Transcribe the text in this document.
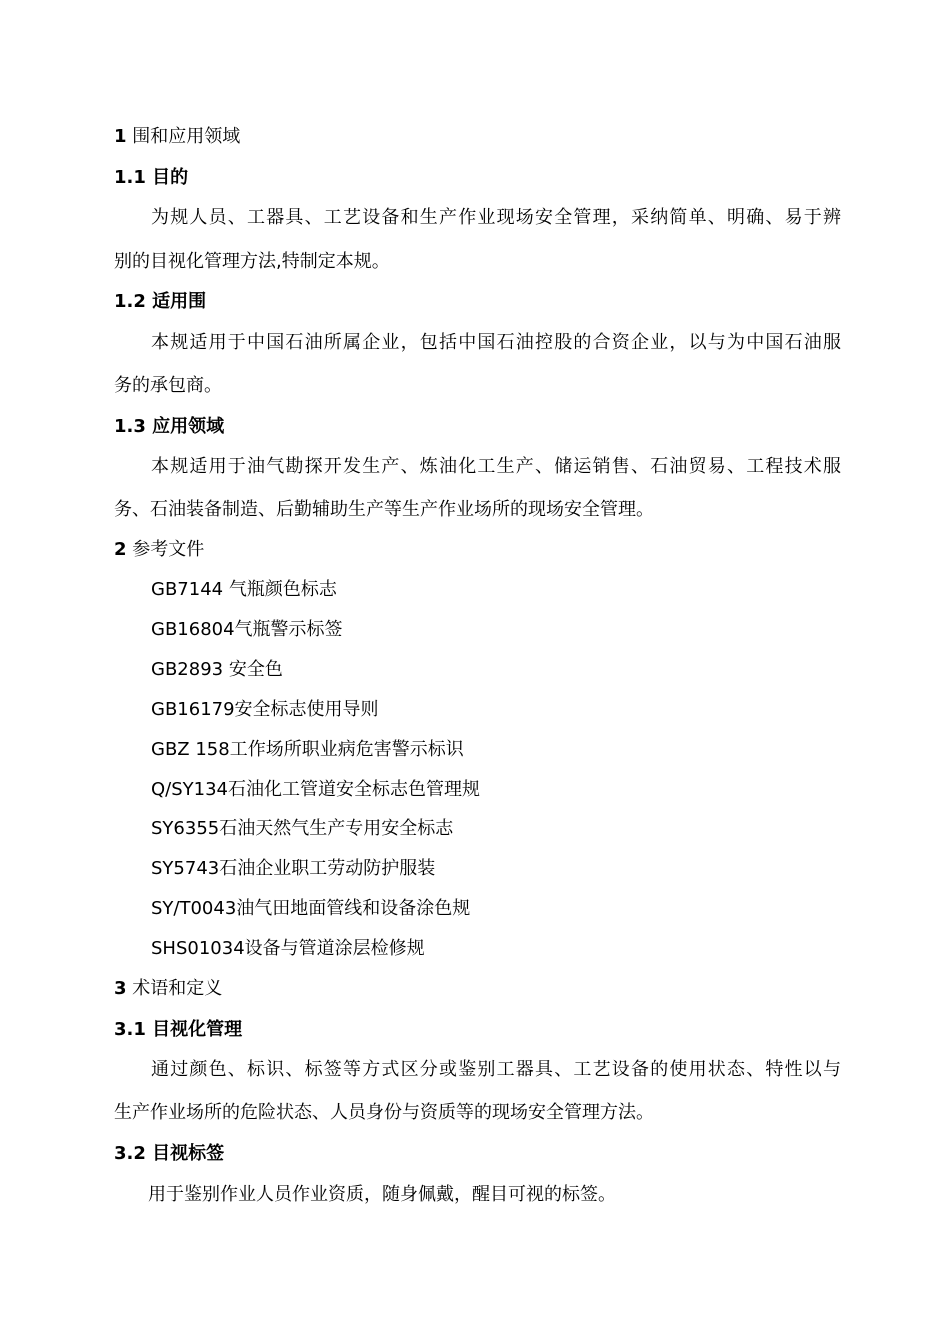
1 围和应用领域
1.1 目的
为规人员、工器具、工艺设备和生产作业现场安全管理，采纳简单、明确、易于辨
别的目视化管理方法,特制定本规。
1.2 适用围
本规适用于中国石油所属企业，包括中国石油控股的合资企业，以与为中国石油服
务的承包商。
1.3 应用领域
本规适用于油气勘探开发生产、炼油化工生产、储运销售、石油贸易、工程技术服
务、石油装备制造、后勤辅助生产等生产作业场所的现场安全管理。
2 参考文件
GB7144 气瓶颜色标志
GB16804气瓶警示标签
GB2893 安全色
GB16179安全标志使用导则
GBZ 158工作场所职业病危害警示标识
Q/SY134石油化工管道安全标志色管理规
SY6355石油天然气生产专用安全标志
SY5743石油企业职工劳动防护服装
SY/T0043油气田地面管线和设备涂色规
SHS01034设备与管道涂层检修规
3 术语和定义
3.1 目视化管理
通过颜色、标识、标签等方式区分或鉴别工器具、工艺设备的使用状态、特性以与
生产作业场所的危险状态、人员身份与资质等的现场安全管理方法。
3.2 目视标签
用于鉴别作业人员作业资质，随身佩戴，醒目可视的标签。
